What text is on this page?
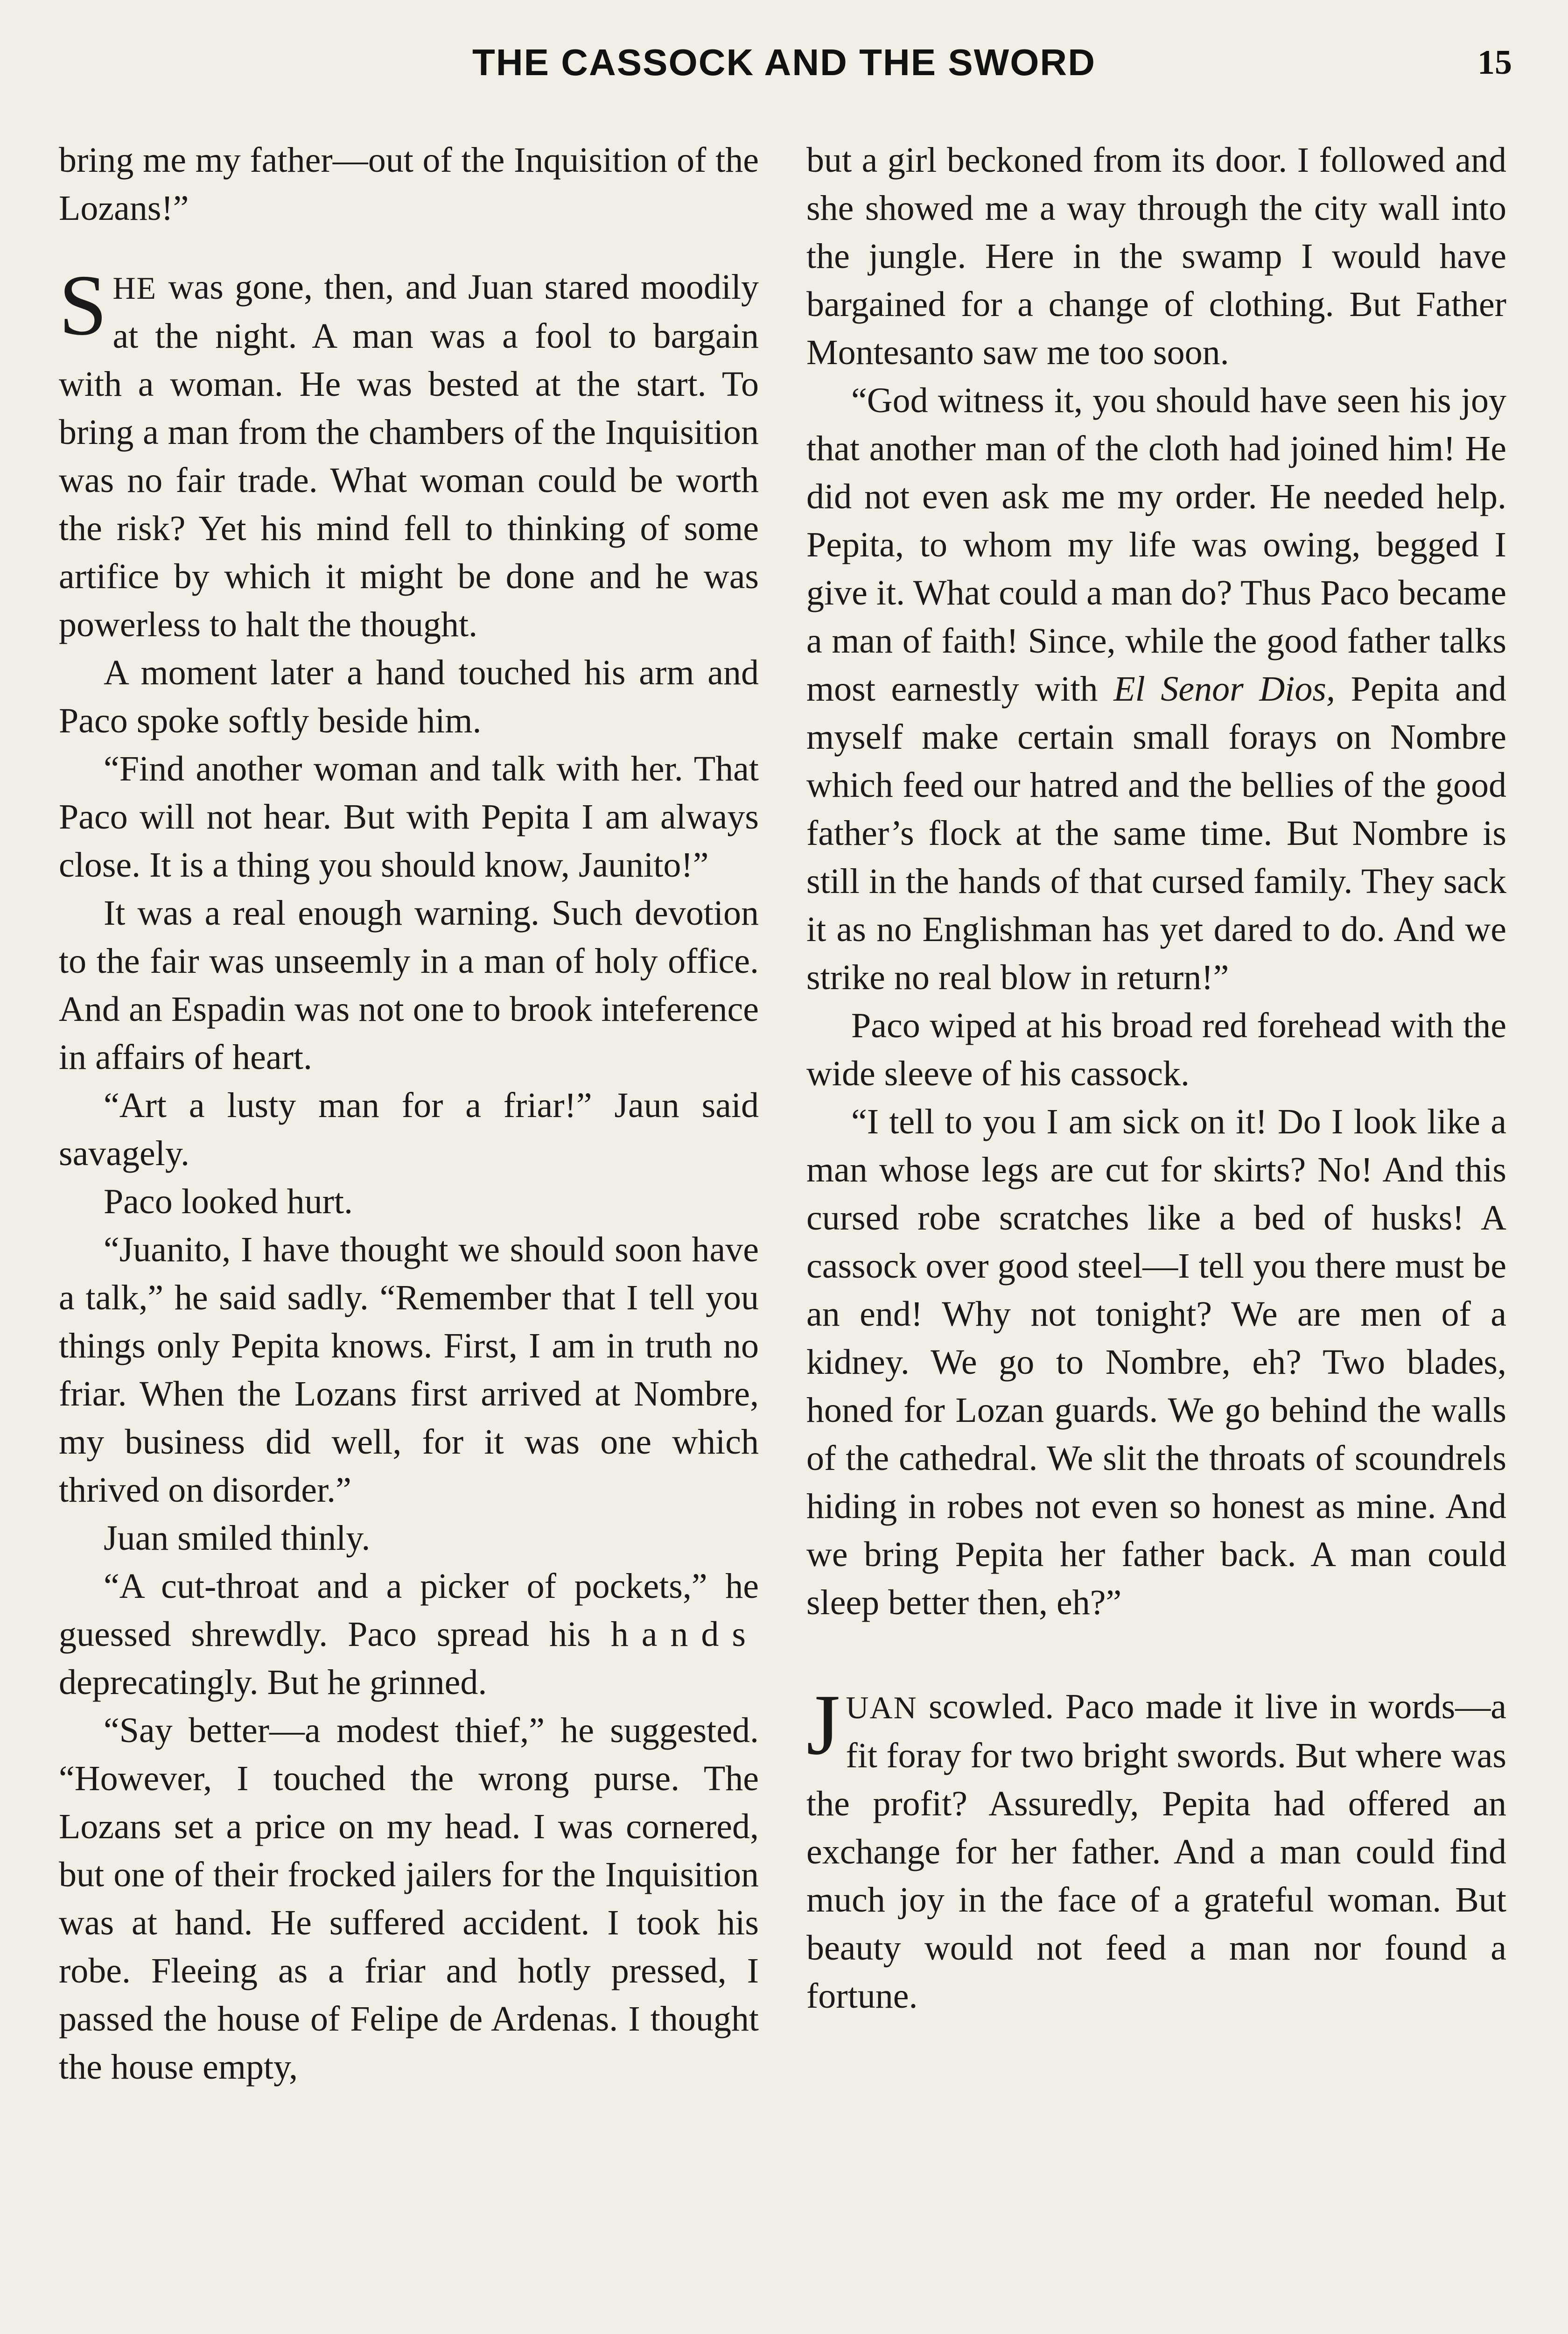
THE CASSOCK AND THE SWORD	15

bring me my father—out of the Inquisition of the Lozans!”

SHE was gone, then, and Juan stared moodily at the night. A man was a fool to bargain with a woman. He was bested at the start. To bring a man from the chambers of the Inquisition was no fair trade. What woman could be worth the risk? Yet his mind fell to thinking of some artifice by which it might be done and he was powerless to halt the thought.

A moment later a hand touched his arm and Paco spoke softly beside him.

“Find another woman and talk with her. That Paco will not hear. But with Pepita I am always close. It is a thing you should know, Jaunito!”

It was a real enough warning. Such devotion to the fair was unseemly in a man of holy office. And an Espadin was not one to brook inteference in affairs of heart.

“Art a lusty man for a friar!” Jaun said savagely.

Paco looked hurt.

“Juanito, I have thought we should soon have a talk,” he said sadly. “Remember that I tell you things only Pepita knows. First, I am in truth no friar. When the Lozans first arrived at Nombre, my business did well, for it was one which thrived on disorder.”

Juan smiled thinly.

“A cut-throat and a picker of pockets,” he guessed shrewdly. Paco spread his hands deprecatingly. But he grinned.

“Say better—a modest thief,” he suggested. “However, I touched the wrong purse. The Lozans set a price on my head. I was cornered, but one of their frocked jailers for the Inquisition was at hand. He suffered accident. I took his robe. Fleeing as a friar and hotly pressed, I passed the house of Felipe de Ardenas. I thought the house empty,

but a girl beckoned from its door. I followed and she showed me a way through the city wall into the jungle. Here in the swamp I would have bargained for a change of clothing. But Father Montesanto saw me too soon.

“God witness it, you should have seen his joy that another man of the cloth had joined him! He did not even ask me my order. He needed help. Pepita, to whom my life was owing, begged I give it. What could a man do? Thus Paco became a man of faith! Since, while the good father talks most earnestly with El Senor Dios, Pepita and myself make certain small forays on Nombre which feed our hatred and the bellies of the good father’s flock at the same time. But Nombre is still in the hands of that cursed family. They sack it as no Englishman has yet dared to do. And we strike no real blow in return!”

Paco wiped at his broad red forehead with the wide sleeve of his cassock.

“I tell to you I am sick on it! Do I look like a man whose legs are cut for skirts? No! And this cursed robe scratches like a bed of husks! A cassock over good steel—I tell you there must be an end! Why not tonight? We are men of a kidney. We go to Nombre, eh? Two blades, honed for Lozan guards. We go behind the walls of the cathedral. We slit the throats of scoundrels hiding in robes not even so honest as mine. And we bring Pepita her father back. A man could sleep better then, eh?”

JUAN scowled. Paco made it live in words—a fit foray for two bright swords. But where was the profit? Assuredly, Pepita had offered an exchange for her father. And a man could find much joy in the face of a grateful woman. But beauty would not feed a man nor found a fortune.
